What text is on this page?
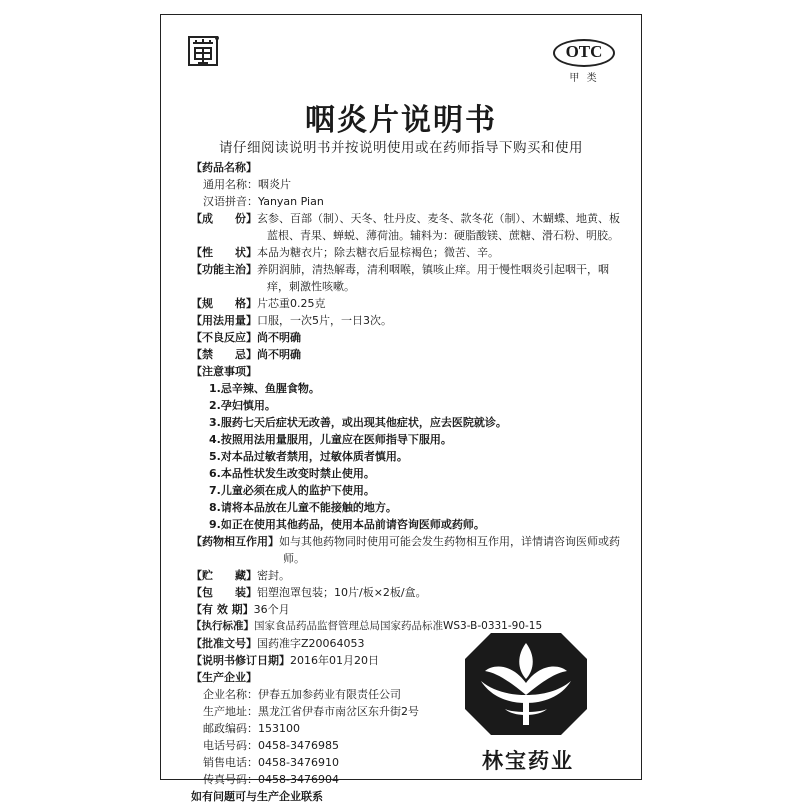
OTC
甲 类
咽炎片说明书
请仔细阅读说明书并按说明使用或在药师指导下购买和使用
【药品名称】
通用名称：咽炎片
汉语拼音：Yanyan Pian
【成　　份】玄参、百部（制）、天冬、牡丹皮、麦冬、款冬花（制）、木蝴蝶、地黄、板蓝根、青果、蝉蜕、薄荷油。辅料为：硬脂酸镁、蔗糖、滑石粉、明胶。
【性　　状】本品为糖衣片；除去糖衣后显棕褐色；微苦、辛。
【功能主治】养阴润肺，清热解毒，清利咽喉，镇咳止痒。用于慢性咽炎引起咽干，咽痒，刺激性咳嗽。
【规　　格】片芯重0.25克
【用法用量】口服，一次5片，一日3次。
【不良反应】尚不明确
【禁　　忌】尚不明确
【注意事项】
1.忌辛辣、鱼腥食物。
2.孕妇慎用。
3.服药七天后症状无改善，或出现其他症状，应去医院就诊。
4.按照用法用量服用，儿童应在医师指导下服用。
5.对本品过敏者禁用，过敏体质者慎用。
6.本品性状发生改变时禁止使用。
7.儿童必须在成人的监护下使用。
8.请将本品放在儿童不能接触的地方。
9.如正在使用其他药品，使用本品前请咨询医师或药师。
【药物相互作用】如与其他药物同时使用可能会发生药物相互作用，详情请咨询医师或药师。
【贮　　藏】密封。
【包　　装】铝塑泡罩包装；10片/板×2板/盒。
【有 效 期】36个月
【执行标准】国家食品药品监督管理总局国家药品标准WS3-B-0331-90-15
【批准文号】国药准字Z20064053
【说明书修订日期】2016年01月20日
【生产企业】
企业名称：伊春五加参药业有限责任公司
生产地址：黑龙江省伊春市南岔区东升街2号
邮政编码：153100
电话号码：0458-3476985
销售电话：0458-3476910
传真号码：0458-3476904
如有问题可与生产企业联系
林宝药业
